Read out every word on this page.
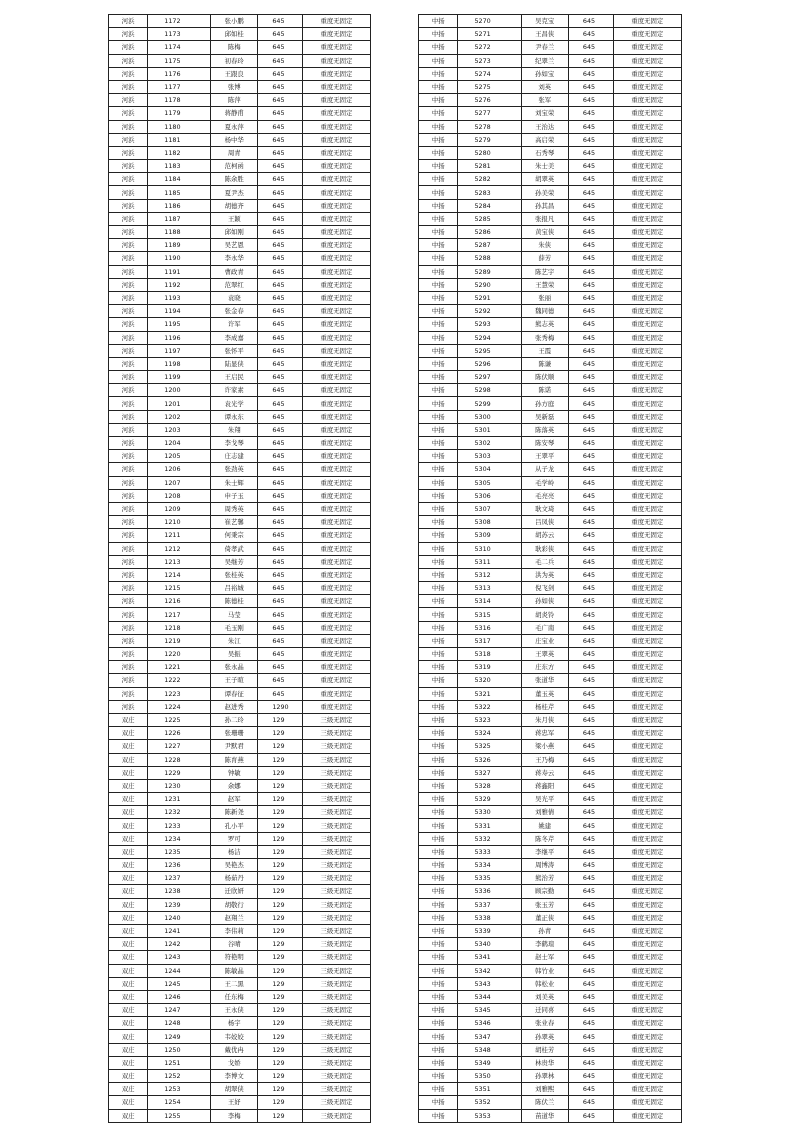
河浜	1172	张小鹏	645	重度无固定
河浜	1173	邱如桂	645	重度无固定
河浜	1174	陈梅	645	重度无固定
河浜	1175	初春玲	645	重度无固定
河浜	1176	王跟良	645	重度无固定
河浜	1177	张博	645	重度无固定
河浜	1178	陈萍	645	重度无固定
河浜	1179	蒋静甫	645	重度无固定
河浜	1180	夏永萍	645	重度无固定
河浜	1181	杨中华	645	重度无固定
河浜	1182	周青	645	重度无固定
河浜	1183	范柯函	645	重度无固定
河浜	1184	陈余胜	645	重度无固定
河浜	1185	夏尹杰	645	重度无固定
河浜	1186	胡德齐	645	重度无固定
河浜	1187	王颖	645	重度无固定
河浜	1188	邱如刚	645	重度无固定
河浜	1189	吴艺恩	645	重度无固定
河浜	1190	李永华	645	重度无固定
河浜	1191	曹政青	645	重度无固定
河浜	1192	范翠红	645	重度无固定
河浜	1193	袁晓	645	重度无固定
河浜	1194	张金春	645	重度无固定
河浜	1195	许军	645	重度无固定
河浜	1196	李成嘉	645	重度无固定
河浜	1197	张怀平	645	重度无固定
河浜	1198	陆显侠	645	重度无固定
河浜	1199	王启民	645	重度无固定
河浜	1200	许家素	645	重度无固定
河浜	1201	袁光学	645	重度无固定
河浜	1202	谭永东	645	重度无固定
河浜	1203	朱翔	645	重度无固定
河浜	1204	李戈琴	645	重度无固定
河浜	1205	庄志建	645	重度无固定
河浜	1206	张劲英	645	重度无固定
河浜	1207	朱士辉	645	重度无固定
河浜	1208	申子玉	645	重度无固定
河浜	1209	周秀英	645	重度无固定
河浜	1210	崔艺馨	645	重度无固定
河浜	1211	何秉宗	645	重度无固定
河浜	1212	倚孝武	645	重度无固定
河浜	1213	吴继芳	645	重度无固定
河浜	1214	张桂英	645	重度无固定
河浜	1215	吕裕城	645	重度无固定
河浜	1216	陈德桂	645	重度无固定
河浜	1217	马莹	645	重度无固定
河浜	1218	毛玉刚	645	重度无固定
河浜	1219	朱江	645	重度无固定
河浜	1220	吴振	645	重度无固定
河浜	1221	张永晶	645	重度无固定
河浜	1222	王子暄	645	重度无固定
河浜	1223	谭春征	645	重度无固定
河浜	1224	赵进秀	1290	重度无固定
双庄	1225	孙二玲	129	三级无固定
双庄	1226	张珊珊	129	三级无固定
双庄	1227	尹默君	129	三级无固定
双庄	1228	陈育燕	129	三级无固定
双庄	1229	钟敏	129	三级无固定
双庄	1230	余娜	129	三级无固定
双庄	1231	赵军	129	三级无固定
双庄	1232	陈新尧	129	三级无固定
双庄	1233	孔小平	129	三级无固定
双庄	1234	罗可	129	三级无固定
双庄	1235	杨洁	129	三级无固定
双庄	1236	吴艳杰	129	三级无固定
双庄	1237	杨茹丹	129	三级无固定
双庄	1238	迁欣妍	129	三级无固定
双庄	1239	胡敬行	129	三级无固定
双庄	1240	赵翔兰	129	三级无固定
双庄	1241	李伟莉	129	三级无固定
双庄	1242	谷晴	129	三级无固定
双庄	1243	符艳明	129	三级无固定
双庄	1244	陈敏晶	129	三级无固定
双庄	1245	王二黑	129	三级无固定
双庄	1246	任东梅	129	三级无固定
双庄	1247	王永侠	129	三级无固定
双庄	1248	杨宇	129	三级无固定
双庄	1249	韦姣姣	129	三级无固定
双庄	1250	戴优冉	129	三级无固定
双庄	1251	戈娇	129	三级无固定
双庄	1252	李博文	129	三级无固定
双庄	1253	胡翠侠	129	三级无固定
双庄	1254	王妤	129	三级无固定
双庄	1255	李梅	129	三级无固定
中扬	5270	吴克宝	645	重度无固定
中扬	5271	王昌侠	645	重度无固定
中扬	5272	尹春兰	645	重度无固定
中扬	5273	纪翠兰	645	重度无固定
中扬	5274	孙如宝	645	重度无固定
中扬	5275	刘英	645	重度无固定
中扬	5276	张军	645	重度无固定
中扬	5277	刘宝荣	645	重度无固定
中扬	5278	王治达	645	重度无固定
中扬	5279	高启荣	645	重度无固定
中扬	5280	石秀琴	645	重度无固定
中扬	5281	朱士美	645	重度无固定
中扬	5282	胡翠英	645	重度无固定
中扬	5283	孙美荣	645	重度无固定
中扬	5284	孙其昌	645	重度无固定
中扬	5285	张报凡	645	重度无固定
中扬	5286	黄宝侠	645	重度无固定
中扬	5287	朱侠	645	重度无固定
中扬	5288	薛芳	645	重度无固定
中扬	5289	陈艺宇	645	重度无固定
中扬	5290	王慧荣	645	重度无固定
中扬	5291	张丽	645	重度无固定
中扬	5292	魏同德	645	重度无固定
中扬	5293	熊志英	645	重度无固定
中扬	5294	张秀梅	645	重度无固定
中扬	5295	王霞	645	重度无固定
中扬	5296	陈谦	645	重度无固定
中扬	5297	陈伏顺	645	重度无固定
中扬	5298	陈诺	645	重度无固定
中扬	5299	孙方庭	645	重度无固定
中扬	5300	吴新磊	645	重度无固定
中扬	5301	陈落英	645	重度无固定
中扬	5302	陈安琴	645	重度无固定
中扬	5303	王翠平	645	重度无固定
中扬	5304	从子龙	645	重度无固定
中扬	5305	毛学岭	645	重度无固定
中扬	5306	毛亮亮	645	重度无固定
中扬	5307	耿文琦	645	重度无固定
中扬	5308	吕凤侠	645	重度无固定
中扬	5309	胡苏云	645	重度无固定
中扬	5310	耿彩侠	645	重度无固定
中扬	5311	毛二兵	645	重度无固定
中扬	5312	洪为英	645	重度无固定
中扬	5313	倪飞剑	645	重度无固定
中扬	5314	孙如侠	645	重度无固定
中扬	5315	胡炎铃	645	重度无固定
中扬	5316	毛广南	645	重度无固定
中扬	5317	庄宝业	645	重度无固定
中扬	5318	王翠英	645	重度无固定
中扬	5319	庄东方	645	重度无固定
中扬	5320	张道华	645	重度无固定
中扬	5321	董玉英	645	重度无固定
中扬	5322	杨桂芹	645	重度无固定
中扬	5323	朱月侠	645	重度无固定
中扬	5324	蒋忠军	645	重度无固定
中扬	5325	梁小燕	645	重度无固定
中扬	5326	王乃梅	645	重度无固定
中扬	5327	蒋寿云	645	重度无固定
中扬	5328	蒋鑫阳	645	重度无固定
中扬	5329	吴光平	645	重度无固定
中扬	5330	刘雅倩	645	重度无固定
中扬	5331	姚建	645	重度无固定
中扬	5332	陈冬芹	645	重度无固定
中扬	5333	李继平	645	重度无固定
中扬	5334	周博涛	645	重度无固定
中扬	5335	熊治芳	645	重度无固定
中扬	5336	顾宗勤	645	重度无固定
中扬	5337	张玉芳	645	重度无固定
中扬	5338	董正侠	645	重度无固定
中扬	5339	孙青	645	重度无固定
中扬	5340	李鹤瑄	645	重度无固定
中扬	5341	赵士军	645	重度无固定
中扬	5342	韩竹业	645	重度无固定
中扬	5343	韩松业	645	重度无固定
中扬	5344	刘美英	645	重度无固定
中扬	5345	迁同喜	645	重度无固定
中扬	5346	张业春	645	重度无固定
中扬	5347	孙翠英	645	重度无固定
中扬	5348	胡桂芳	645	重度无固定
中扬	5349	林贵华	645	重度无固定
中扬	5350	孙翠林	645	重度无固定
中扬	5351	刘雅熙	645	重度无固定
中扬	5352	陈伏兰	645	重度无固定
中扬	5353	苗道华	645	重度无固定
